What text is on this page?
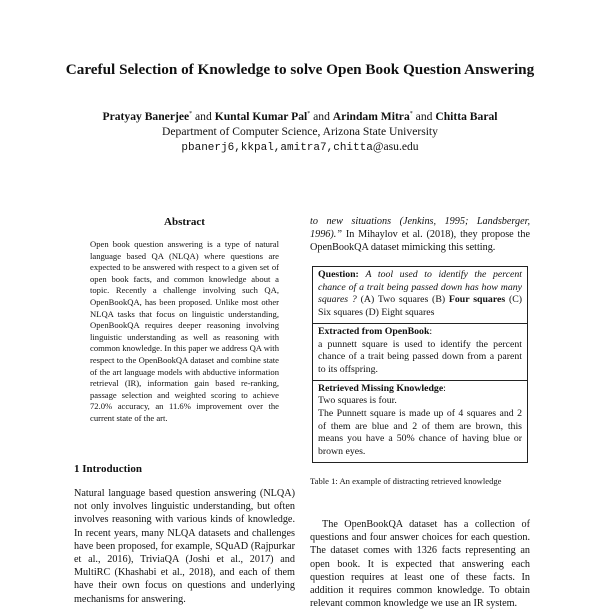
Careful Selection of Knowledge to solve Open Book Question Answering
Pratyay Banerjee* and Kuntal Kumar Pal* and Arindam Mitra* and Chitta Baral
Department of Computer Science, Arizona State University
pbanerj6,kkpal,amitra7,chitta@asu.edu
Abstract
Open book question answering is a type of natural language based QA (NLQA) where questions are expected to be answered with respect to a given set of open book facts, and common knowledge about a topic. Recently a challenge involving such QA, OpenBookQA, has been proposed. Unlike most other NLQA tasks that focus on linguistic understanding, OpenBookQA requires deeper reasoning involving linguistic understanding as well as reasoning with common knowledge. In this paper we address QA with respect to the OpenBookQA dataset and combine state of the art language models with abductive information retrieval (IR), information gain based re-ranking, passage selection and weighted scoring to achieve 72.0% accuracy, an 11.6% improvement over the current state of the art.
1 Introduction
Natural language based question answering (NLQA) not only involves linguistic understanding, but often involves reasoning with various kinds of knowledge. In recent years, many NLQA datasets and challenges have been proposed, for example, SQuAD (Rajpurkar et al., 2016), TriviaQA (Joshi et al., 2017) and MultiRC (Khashabi et al., 2018), and each of them have their own focus on questions and underlying mechanisms for answering.
to new situations (Jenkins, 1995; Landsberger, 1996).” In Mihaylov et al. (2018), they propose the OpenBookQA dataset mimicking this setting.
Question: A tool used to identify the percent chance of a trait being passed down has how many squares ? (A) Two squares (B) Four squares (C) Six squares (D) Eight squares
Extracted from OpenBook:
a punnett square is used to identify the percent chance of a trait being passed down from a parent to its offspring.
Retrieved Missing Knowledge:
Two squares is four.
The Punnett square is made up of 4 squares and 2 of them are blue and 2 of them are brown, this means you have a 50% chance of having blue or brown eyes.
Table 1: An example of distracting retrieved knowledge
The OpenBookQA dataset has a collection of questions and four answer choices for each question. The dataset comes with 1326 facts representing an open book. It is expected that answering each question requires at least one of these facts. In addition it requires common knowledge. To obtain relevant common knowledge we use an IR system.
